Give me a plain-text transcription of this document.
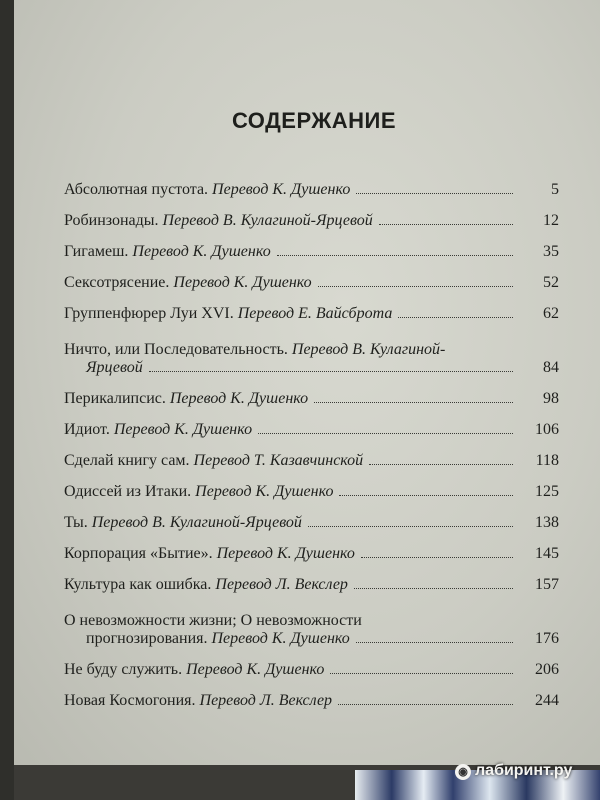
СОДЕРЖАНИЕ
Абсолютная пустота. Перевод К. Душенко	5
Робинзонады. Перевод В. Кулагиной-Ярцевой	12
Гигамеш. Перевод К. Душенко	35
Сексотрясение. Перевод К. Душенко	52
Группенфюрер Луи XVI. Перевод Е. Вайсброта	62
Ничто, или Последовательность. Перевод В. Кулагиной-
Ярцевой	84
Перикалипсис. Перевод К. Душенко	98
Идиот. Перевод К. Душенко	106
Сделай книгу сам. Перевод Т. Казавчинской	118
Одиссей из Итаки. Перевод К. Душенко	125
Ты. Перевод В. Кулагиной-Ярцевой	138
Корпорация «Бытие». Перевод К. Душенко	145
Культура как ошибка. Перевод Л. Векслер	157
О невозможности жизни; О невозможности
прогнозирования.
Перевод К. Душенко	176
Не буду служить. Перевод К. Душенко	206
Новая Космогония. Перевод Л. Векслер	244
◉ лабиринт.ру
